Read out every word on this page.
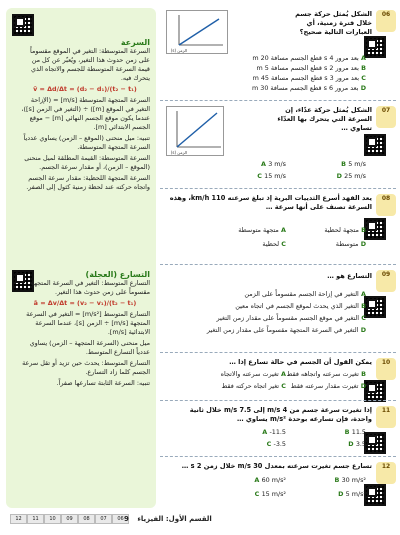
السرعة
السرعة المتوسطة: التغير في الموقع مقسوماً على زمن حدوث هذا التغير، ويُعبّر عن كل من قيمة السرعة المتوسطة للجسم والاتجاه الذي يتحرك فيه.
v̄ = Δd/Δt = (d₂ − d₁)/(t₂ − t₁)
السرعة المتجهة المتوسطة [m/s] = (الإزاحة التغير في الموقع [m]) ÷ (التغير في الزمن [s])، عندما يكون موقع الجسم النهائي [m] − موقع الجسم الابتدائي [m].
تنبيه: ميل منحنى (الموقع – الزمن) يساوي عددياً السرعة المتجهة المتوسطة.
السرعة المتوسطة: القيمة المطلقة لميل منحنى (الموقع – الزمن)، أو مقدار سرعة الجسم.
السرعة المتجهة اللحظية: مقدار سرعة الجسم واتجاه حركته عند لحظة زمنية كثول إلى الصفر.
التسارع (العجلة)
التسارع المتوسط: التغير في السرعة المتجهة مقسوماً على زمن حدوث هذا التغير.
ā = Δv/Δt = (v₂ − v₁)/(t₂ − t₁)
التسارع المتوسط [m/s²] = التغير في السرعة المتجهة [m/s] ÷ الزمن [s]، عندما السرعة الابتدائية [m/s].
ميل منحنى (السرعة المتجهة – الزمن) يساوي عددياً التسارع المتوسط.
التسارع المتوسط: يحدث حين تزيد أو تقل سرعة الجسم كلما زاد التسارع.
تنبيه: السرعة الثابتة تسارعها صفراً.
06
الشكل يُمثل حركة جسم خلال فترة زمنية، أي العبارات التالية صحيح؟
الزمن (s)
A بعد مرور 4 s قطع الجسم مسافة m 20
B بعد مرور 2 s قطع الجسم مسافة m 5
C بعد مرور 3 s قطع الجسم مسافة m 45
D بعد مرور 6 s قطع الجسم مسافة m 30
07
الشكل يُمثل حركة عدّاء، إن السرعة التي يتحرك بها العدّاء تساوي …
الزمن (s)
A 3 m/s	B 5 m/s
C 15 m/s	D 25 m/s
08
يعد الفهد أسرع الثدييات البرية إذ تبلغ سرعته km/h 110، وهذه السرعة تصنف على أنها سرعة …
A متجهة متوسطة	B متجهة لحظية
C لحظية	D متوسطة
09
التسارع هو …
A التغير في إزاحة الجسم مقسوماً على الزمن
B التغير الذي يحدث لموقع الجسم في اتجاه معين
C التغير في موقع الجسم مقسوماً على مقدار زمن التغير
D التغير في السرعة المتجهة مقسوماً على مقدار زمن التغير
10
يمكن القول أن الجسم في حالة تسارع إذا …
A تغيرت سرعته والاتجاه	B تغيرت سرعته واتجاهه فقط
C تغير اتجاه حركته فقط	D تغيرت مقدار سرعته فقط
11
إذا تغيرت سرعة جسم من 4 m/s إلى 7.5 m/s خلال ثانية واحدة، فإن تسارعه بوحدة m/s² يساوي …
A -11.5	B 11.5
C -3.5	D 3.5
12
تسارع جسم تغيرت سرعته بمعدل 30 m/s خلال زمن 2 s …
A 60 m/s²	B 30 m/s²
C 15 m/s²	D 5 m/s²
12	11	10	09	08	07	06	القسم الأول: الفيزياء 9
